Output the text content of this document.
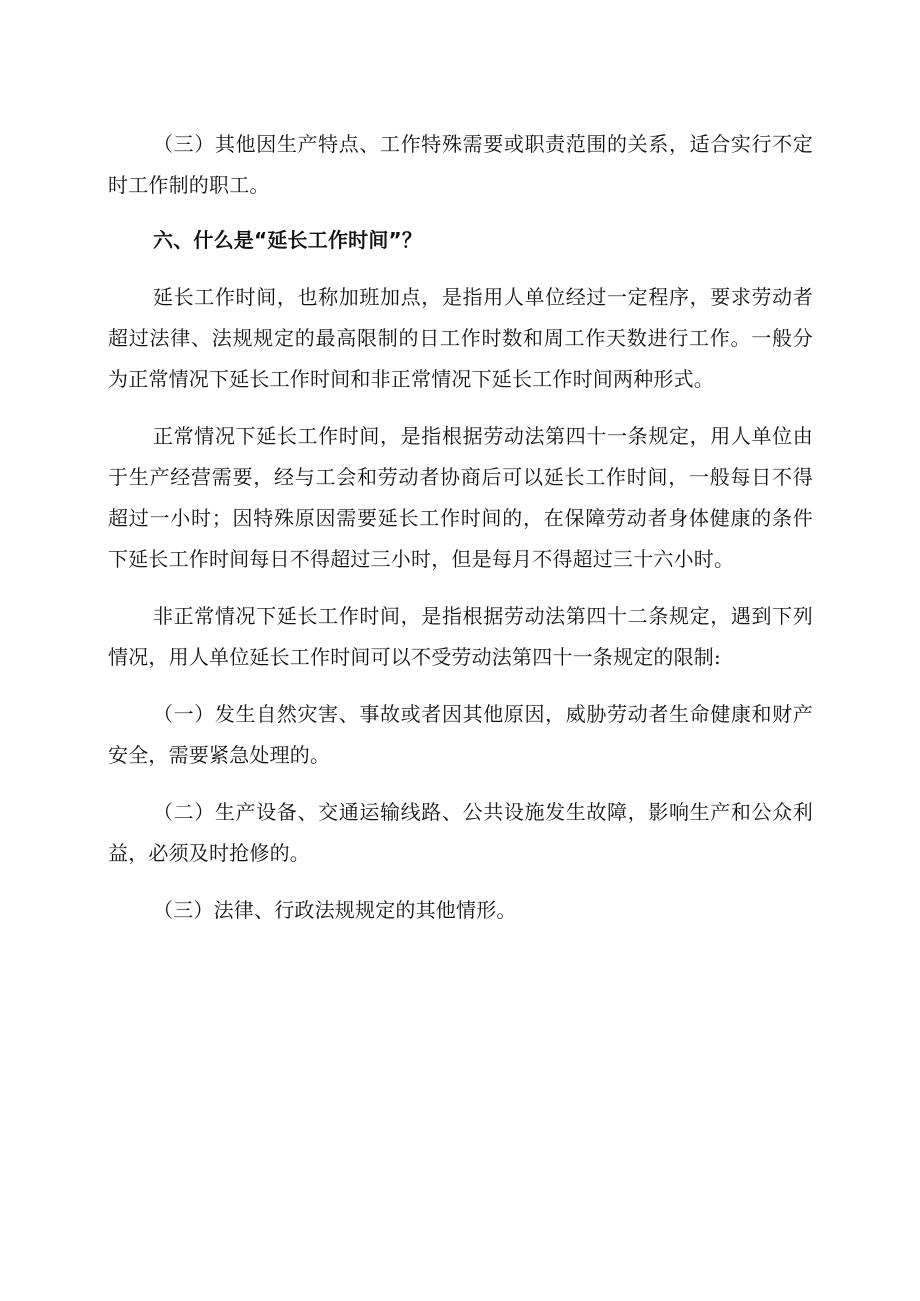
（三）其他因生产特点、工作特殊需要或职责范围的关系，适合实行不定时工作制的职工。

六、什么是“延长工作时间”？

延长工作时间，也称加班加点，是指用人单位经过一定程序，要求劳动者超过法律、法规规定的最高限制的日工作时数和周工作天数进行工作。一般分为正常情况下延长工作时间和非正常情况下延长工作时间两种形式。

正常情况下延长工作时间，是指根据劳动法第四十一条规定，用人单位由于生产经营需要，经与工会和劳动者协商后可以延长工作时间，一般每日不得超过一小时；因特殊原因需要延长工作时间的，在保障劳动者身体健康的条件下延长工作时间每日不得超过三小时，但是每月不得超过三十六小时。

非正常情况下延长工作时间，是指根据劳动法第四十二条规定，遇到下列情况，用人单位延长工作时间可以不受劳动法第四十一条规定的限制:

（一）发生自然灾害、事故或者因其他原因，威胁劳动者生命健康和财产安全，需要紧急处理的。

（二）生产设备、交通运输线路、公共设施发生故障，影响生产和公众利益，必须及时抢修的。

（三）法律、行政法规规定的其他情形。
